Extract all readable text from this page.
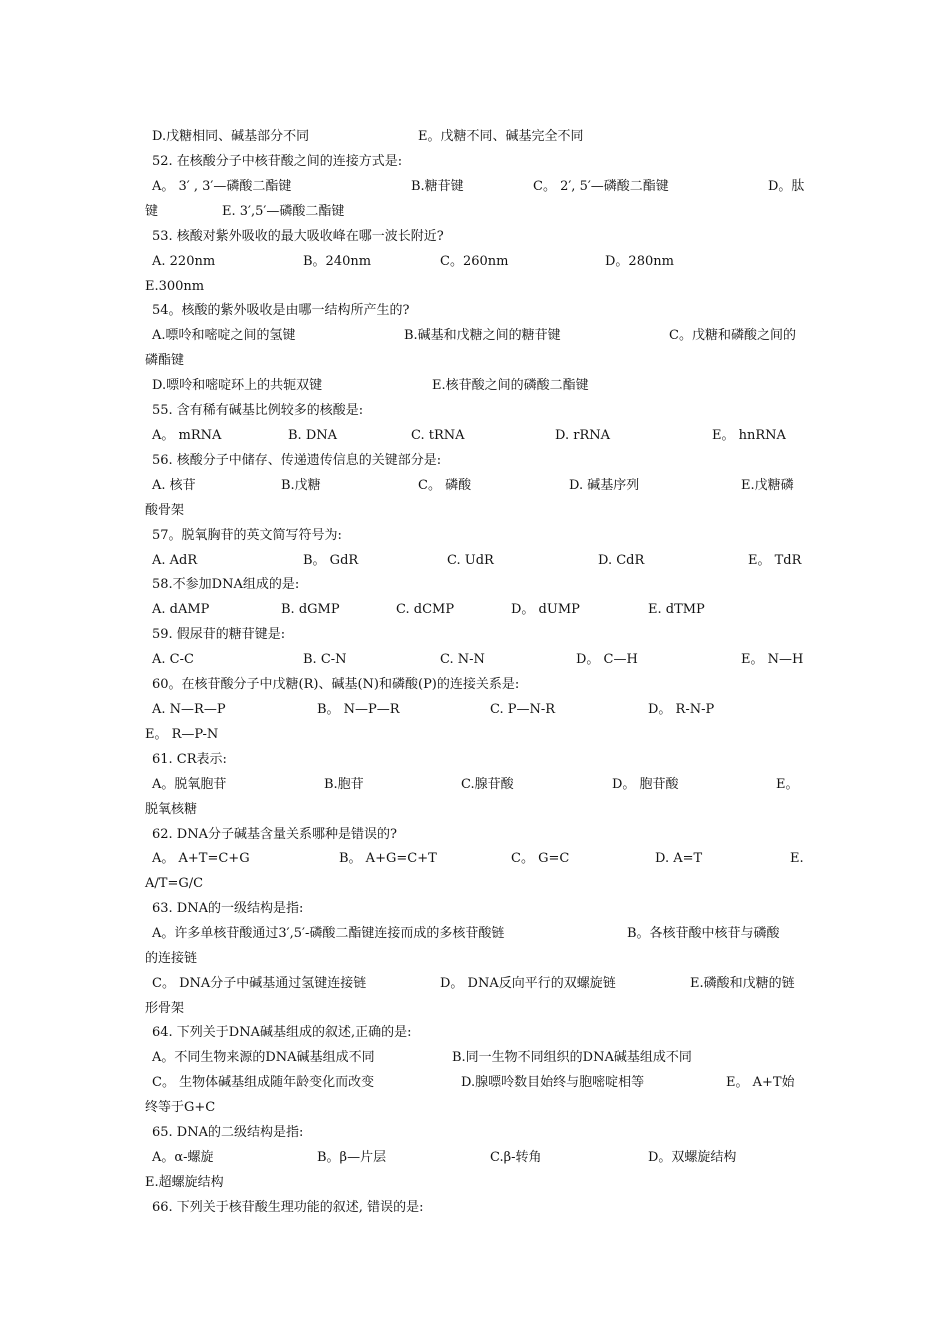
D.戊糖相同、碱基部分不同	E。戊糖不同、碱基完全不同
52. 在核酸分子中核苷酸之间的连接方式是:
A。 3′ , 3′—磷酸二酯键	B.糖苷键	C。 2′, 5′—磷酸二酯键	D。肽
键	E. 3′,5′—磷酸二酯键
53. 核酸对紫外吸收的最大吸收峰在哪一波长附近?
A. 220nm	B。240nm	C。260nm	D。280nm
E.300nm
54。核酸的紫外吸收是由哪一结构所产生的?
A.嘌呤和嘧啶之间的氢键	B.碱基和戊糖之间的糖苷键	C。戊糖和磷酸之间的
磷酯键
D.嘌呤和嘧啶环上的共轭双键	E.核苷酸之间的磷酸二酯键
55. 含有稀有碱基比例较多的核酸是:
A。 mRNA	B. DNA	C. tRNA	D. rRNA	E。 hnRNA
56. 核酸分子中储存、传递遗传信息的关键部分是:
A. 核苷	B.戊糖	C。 磷酸	D. 碱基序列	E.戊糖磷
酸骨架
57。脱氧胸苷的英文简写符号为:
A. AdR	B。 GdR	C. UdR	D. CdR	E。 TdR
58.不参加DNA组成的是:
A. dAMP	B. dGMP	C. dCMP	D。 dUMP	E. dTMP
59. 假尿苷的糖苷键是:
A. C-C	B. C-N	C. N-N	D。 C—H	E。 N—H
60。在核苷酸分子中戊糖(R)、碱基(N)和磷酸(P)的连接关系是:
A. N—R—P	B。 N—P—R	C. P—N-R	D。 R-N-P
E。 R—P-N
61. CR表示:
A。脱氧胞苷	B.胞苷	C.腺苷酸	D。 胞苷酸	E。
脱氧核糖
62. DNA分子碱基含量关系哪种是错误的?
A。 A+T=C+G	B。 A+G=C+T	C。 G=C	D. A=T	E.
A/T=G/C
63. DNA的一级结构是指:
A。许多单核苷酸通过3′,5′-磷酸二酯键连接而成的多核苷酸链	B。各核苷酸中核苷与磷酸
的连接链
C。 DNA分子中碱基通过氢键连接链	D。 DNA反向平行的双螺旋链	E.磷酸和戊糖的链
形骨架
64. 下列关于DNA碱基组成的叙述,正确的是:
A。不同生物来源的DNA碱基组成不同	B.同一生物不同组织的DNA碱基组成不同
C。 生物体碱基组成随年龄变化而改变	D.腺嘌呤数目始终与胞嘧啶相等	E。 A+T始
终等于G+C
65. DNA的二级结构是指:
A。α-螺旋	B。β—片层	C.β-转角	D。双螺旋结构
E.超螺旋结构
66. 下列关于核苷酸生理功能的叙述, 错误的是:
